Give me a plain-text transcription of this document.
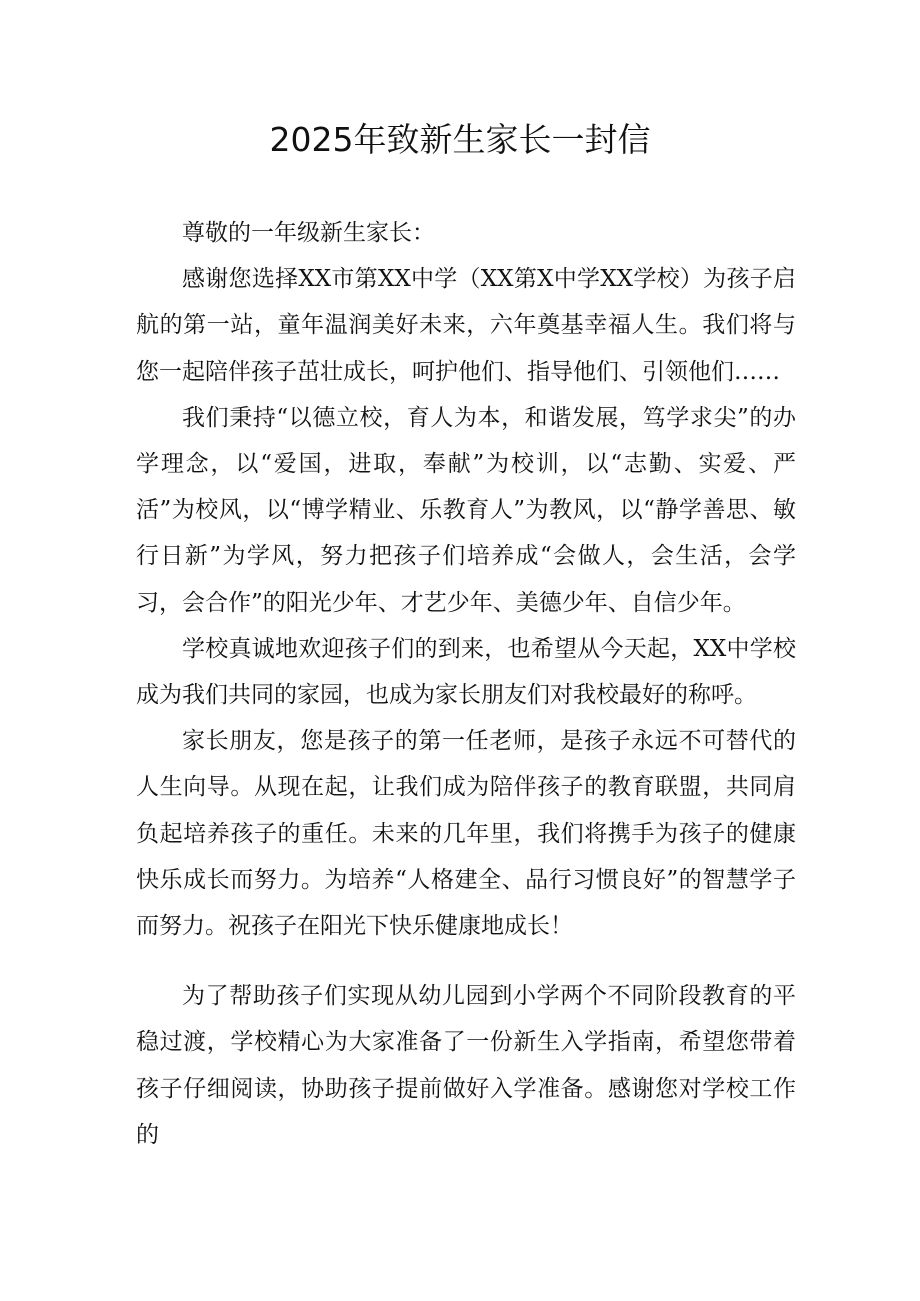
2025年致新生家长一封信

尊敬的一年级新生家长：

感谢您选择XX市第XX中学（XX第X中学XX学校）为孩子启航的第一站，童年温润美好未来，六年奠基幸福人生。我们将与您一起陪伴孩子茁壮成长，呵护他们、指导他们、引领他们……

我们秉持“以德立校，育人为本，和谐发展，笃学求尖”的办学理念，以“爱国，进取，奉献”为校训，以“志勤、实爱、严活”为校风，以“博学精业、乐教育人”为教风，以“静学善思、敏行日新”为学风，努力把孩子们培养成“会做人，会生活，会学习，会合作”的阳光少年、才艺少年、美德少年、自信少年。

学校真诚地欢迎孩子们的到来，也希望从今天起，XX中学校成为我们共同的家园，也成为家长朋友们对我校最好的称呼。

家长朋友，您是孩子的第一任老师，是孩子永远不可替代的人生向导。从现在起，让我们成为陪伴孩子的教育联盟，共同肩负起培养孩子的重任。未来的几年里，我们将携手为孩子的健康快乐成长而努力。为培养“人格建全、品行习惯良好”的智慧学子而努力。祝孩子在阳光下快乐健康地成长！

为了帮助孩子们实现从幼儿园到小学两个不同阶段教育的平稳过渡，学校精心为大家准备了一份新生入学指南，希望您带着孩子仔细阅读，协助孩子提前做好入学准备。感谢您对学校工作的
